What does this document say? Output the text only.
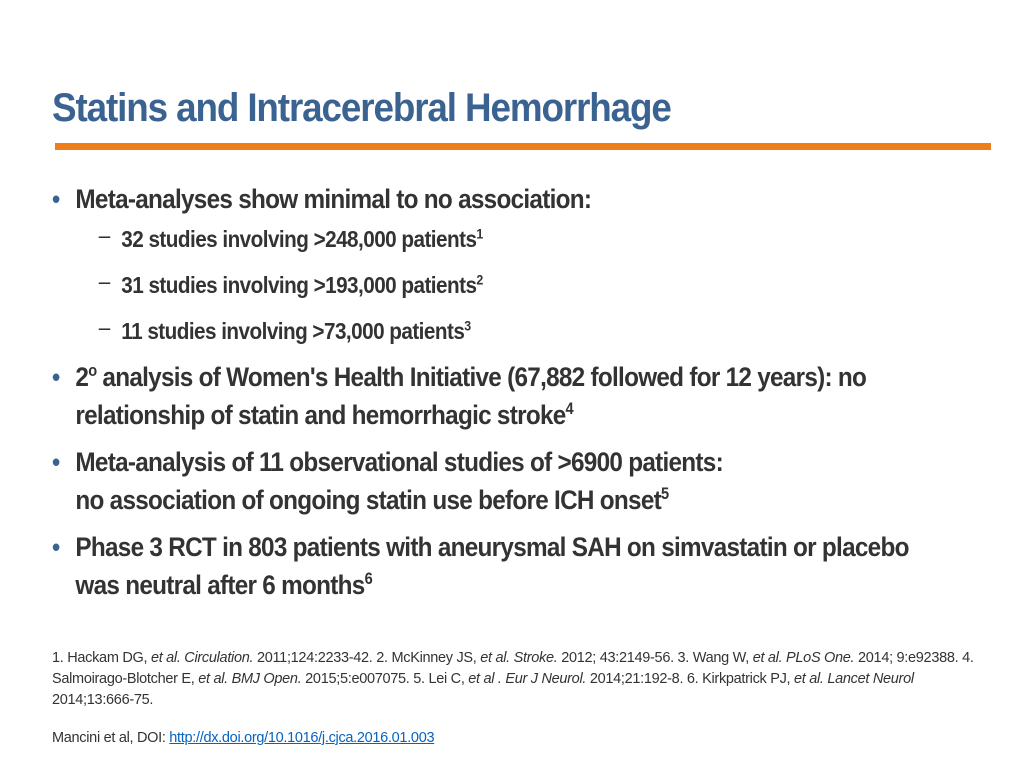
Statins and Intracerebral Hemorrhage
• Meta-analyses show minimal to no association:
– 32 studies involving >248,000 patients$^1$
– 31 studies involving >193,000 patients$^2$
– 11 studies involving >73,000 patients$^3$
• 2$^o$ analysis of Women's Health Initiative (67,882 followed for 12 years): no relationship of statin and hemorrhagic stroke$^4$
• Meta-analysis of 11 observational studies of >6900 patients:
no association of ongoing statin use before ICH onset$^5$
• Phase 3 RCT in 803 patients with aneurysmal SAH on simvastatin or placebo was neutral after 6 months$^6$
1. Hackam DG, et al. Circulation. 2011;124:2233-42. 2. McKinney JS, et al. Stroke. 2012; 43:2149-56. 3. Wang W, et al. PLoS One. 2014; 9:e92388. 4. Salmoirago-Blotcher E, et al. BMJ Open. 2015;5:e007075. 5. Lei C, et al . Eur J Neurol. 2014;21:192-8. 6. Kirkpatrick PJ, et al. Lancet Neurol 2014;13:666-75.
Mancini et al, DOI: http://dx.doi.org/10.1016/j.cjca.2016.01.003
